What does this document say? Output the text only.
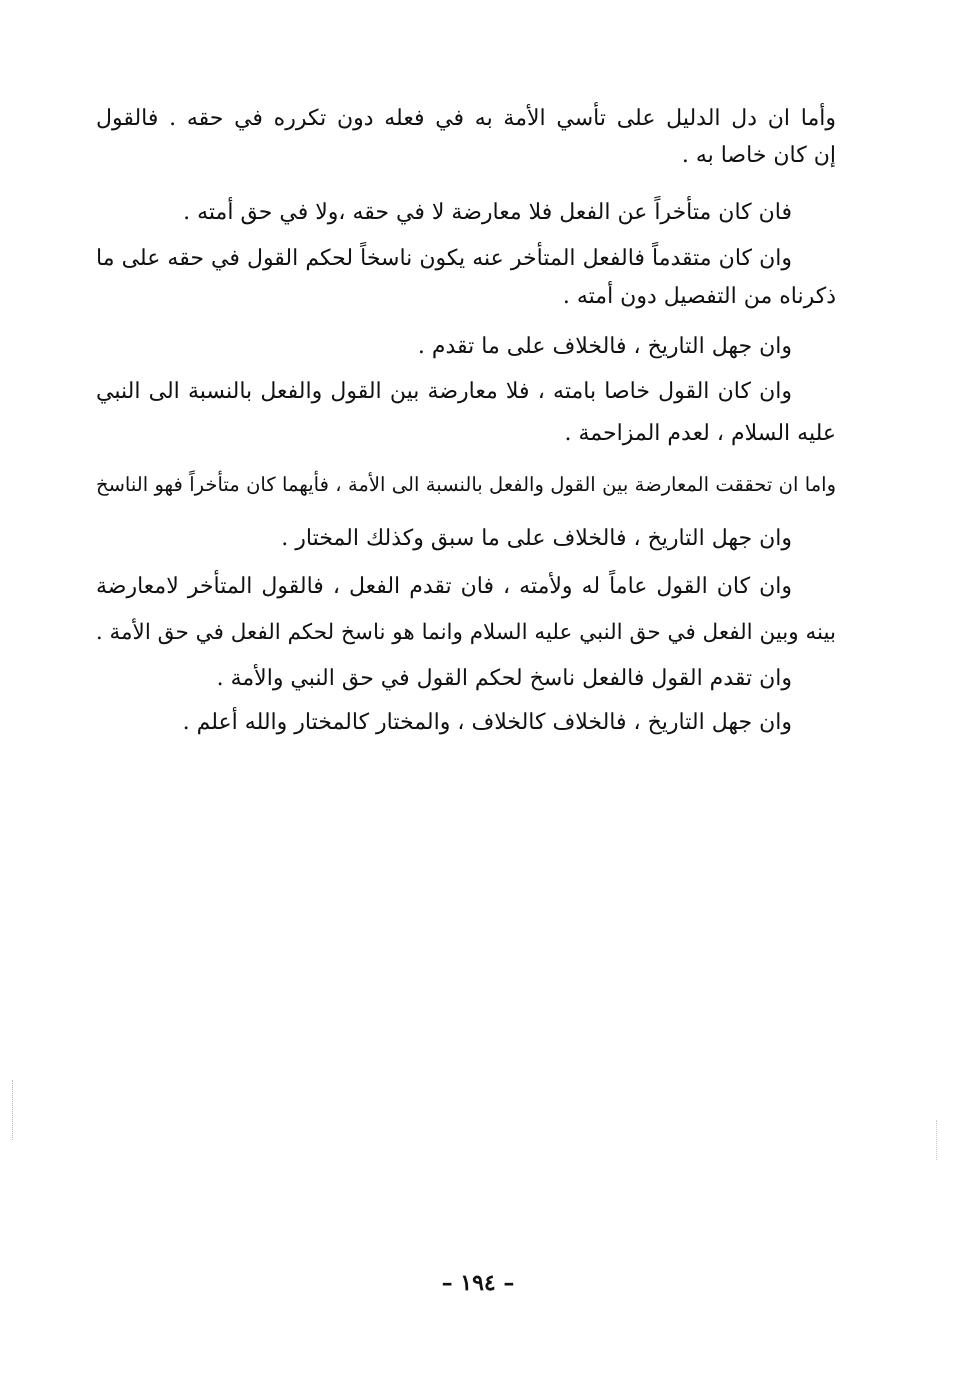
وأما ان دل الدليل على تأسي الأمة به في فعله دون تكرره في حقه . فالقول
إن كان خاصا به .
فان كان متأخراً عن الفعل فلا معارضة لا في حقه ،ولا في حق أمته .
وان كان متقدماً فالفعل المتأخر عنه يكون ناسخاً لحكم القول في حقه على ما
ذكرناه من التفصيل دون أمته .
وان جهل التاريخ ، فالخلاف على ما تقدم .
وان كان القول خاصا بامته ، فلا معارضة بين القول والفعل بالنسبة الى النبي
عليه السلام ، لعدم المزاحمة .
واما ان تحققت المعارضة بين القول والفعل بالنسبة الى الأمة ، فأيهما كان متأخراً فهو الناسخ
وان جهل التاريخ ، فالخلاف على ما سبق وكذلك المختار .
وان كان القول عاماً له ولأمته ، فان تقدم الفعل ، فالقول المتأخر لامعارضة
بينه وبين الفعل في حق النبي عليه السلام وانما هو ناسخ لحكم الفعل في حق الأمة .
وان تقدم القول فالفعل ناسخ لحكم القول في حق النبي والأمة .
وان جهل التاريخ ، فالخلاف كالخلاف ، والمختار كالمختار والله أعلم .
– ١٩٤ –
